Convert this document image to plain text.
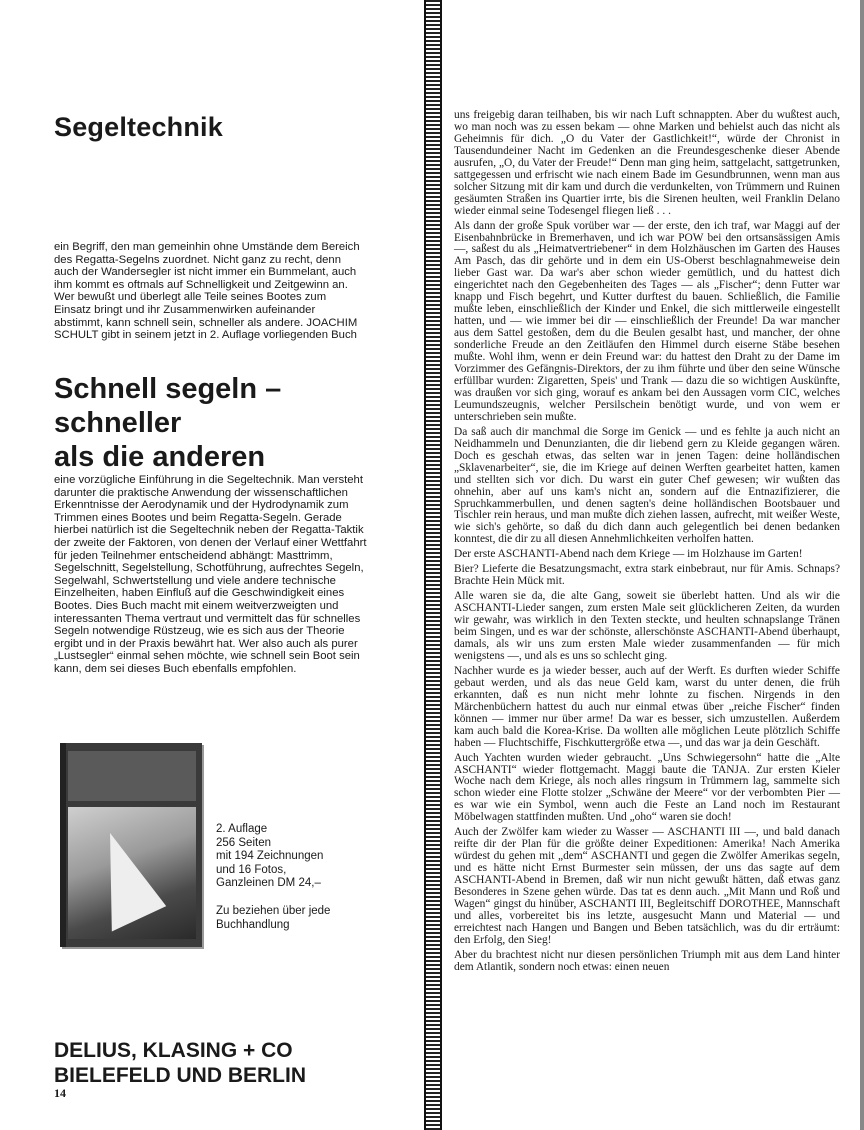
Segeltechnik
ein Begriff, den man gemeinhin ohne Umstände dem Bereich des Regatta-Segelns zuordnet. Nicht ganz zu recht, denn auch der Wandersegler ist nicht immer ein Bummelant, auch ihm kommt es oftmals auf Schnelligkeit und Zeitgewinn an. Wer bewußt und überlegt alle Teile seines Bootes zum Einsatz bringt und ihr Zusammenwirken aufeinander abstimmt, kann schnell sein, schneller als andere. JOACHIM SCHULT gibt in seinem jetzt in 2. Auflage vorliegenden Buch
Schnell segeln –
schneller
als die anderen
eine vorzügliche Einführung in die Segeltechnik. Man versteht darunter die praktische Anwendung der wissenschaftlichen Erkenntnisse der Aerodynamik und der Hydrodynamik zum Trimmen eines Bootes und beim Regatta-Segeln. Gerade hierbei natürlich ist die Segeltechnik neben der Regatta-Taktik der zweite der Faktoren, von denen der Verlauf einer Wettfahrt für jeden Teilnehmer entscheidend abhängt: Masttrimm, Segelschnitt, Segelstellung, Schotführung, aufrechtes Segeln, Segelwahl, Schwertstellung und viele andere technische Einzelheiten, haben Einfluß auf die Geschwindigkeit eines Bootes. Dies Buch macht mit einem weitverzweigten und interessanten Thema vertraut und vermittelt das für schnelles Segeln notwendige Rüstzeug, wie es sich aus der Theorie ergibt und in der Praxis bewährt hat. Wer also auch als purer „Lustsegler“ einmal sehen möchte, wie schnell sein Boot sein kann, dem sei dieses Buch ebenfalls empfohlen.
2. Auflage
256 Seiten
mit 194 Zeichnungen
und 16 Fotos,
Ganzleinen DM 24,–
Zu beziehen über jede
Buchhandlung
DELIUS, KLASING + CO
BIELEFELD UND BERLIN
14

uns freigebig daran teilhaben, bis wir nach Luft schnappten. Aber du wußtest auch, wo man noch was zu essen bekam — ohne Marken und behielst auch das nicht als Geheimnis für dich. „O du Vater der Gastlichkeit!“, würde der Chronist in Tausendundeiner Nacht im Gedenken an die Freundesgeschenke dieser Abende ausrufen, „O, du Vater der Freude!“ Denn man ging heim, sattgelacht, sattgetrunken, sattgegessen und erfrischt wie nach einem Bade im Gesundbrunnen, wenn man aus solcher Sitzung mit dir kam und durch die verdunkelten, von Trümmern und Ruinen gesäumten Straßen ins Quartier irrte, bis die Sirenen heulten, weil Franklin Delano wieder einmal seine Todesengel fliegen ließ . . .

Als dann der große Spuk vorüber war — der erste, den ich traf, war Maggi auf der Eisenbahnbrücke in Bremerhaven, und ich war POW bei den ortsansässigen Amis —, saßest du als „Heimatvertriebener“ in dem Holzhäuschen im Garten des Hauses Am Pasch, das dir gehörte und in dem ein US-Oberst beschlagnahmeweise dein lieber Gast war. Da war's aber schon wieder gemütlich, und du hattest dich eingerichtet nach den Gegebenheiten des Tages — als „Fischer“; denn Futter war knapp und Fisch begehrt, und Kutter durftest du bauen. Schließlich, die Familie mußte leben, einschließlich der Kinder und Enkel, die sich mittlerweile eingestellt hatten, und — wie immer bei dir — einschließlich der Freunde! Da war mancher aus dem Sattel gestoßen, dem du die Beulen gesalbt hast, und mancher, der ohne sonderliche Freude an den Zeitläufen den Himmel durch eiserne Stäbe besehen mußte. Wohl ihm, wenn er dein Freund war: du hattest den Draht zu der Dame im Vorzimmer des Gefängnis-Direktors, der zu ihm führte und über den seine Wünsche erfüllbar wurden: Zigaretten, Speis' und Trank — dazu die so wichtigen Auskünfte, was draußen vor sich ging, worauf es ankam bei den Aussagen vorm CIC, welches Leumundszeugnis, welcher Persilschein benötigt wurde, und von wem er unterschrieben sein mußte.

Da saß auch dir manchmal die Sorge im Genick — und es fehlte ja auch nicht an Neidhammeln und Denunzianten, die dir liebend gern zu Kleide gegangen wären. Doch es geschah etwas, das selten war in jenen Tagen: deine holländischen „Sklavenarbeiter“, sie, die im Kriege auf deinen Werften gearbeitet hatten, kamen und stellten sich vor dich. Du warst ein guter Chef gewesen; wir wußten das ohnehin, aber auf uns kam's nicht an, sondern auf die Entnazifizierer, die Spruchkammerbullen, und denen sagten's deine holländischen Bootsbauer und Tischler rein heraus, und man mußte dich ziehen lassen, aufrecht, mit weißer Weste, wie sich's gehörte, so daß du dich dann auch gelegentlich bei denen bedanken konntest, die dir zu all diesen Annehmlichkeiten verholfen hatten.

Der erste ASCHANTI-Abend nach dem Kriege — im Holzhause im Garten!

Bier? Lieferte die Besatzungsmacht, extra stark einbebraut, nur für Amis. Schnaps? Brachte Hein Mück mit.

Alle waren sie da, die alte Gang, soweit sie überlebt hatten. Und als wir die ASCHANTI-Lieder sangen, zum ersten Male seit glücklicheren Zeiten, da wurden wir gewahr, was wirklich in den Texten steckte, und heulten schnapslange Tränen beim Singen, und es war der schönste, allerschönste ASCHANTI-Abend überhaupt, damals, als wir uns zum ersten Male wieder zusammenfanden — für mich wenigstens —, und als es uns so schlecht ging.

Nachher wurde es ja wieder besser, auch auf der Werft. Es durften wieder Schiffe gebaut werden, und als das neue Geld kam, warst du unter denen, die früh erkannten, daß es nun nicht mehr lohnte zu fischen. Nirgends in den Märchenbüchern hattest du auch nur einmal etwas über „reiche Fischer“ finden können — immer nur über arme! Da war es besser, sich umzustellen. Außerdem kam auch bald die Korea-Krise. Da wollten alle möglichen Leute plötzlich Schiffe haben — Fluchtschiffe, Fischkuttergröße etwa —, und das war ja dein Geschäft.

Auch Yachten wurden wieder gebraucht. „Uns Schwiegersohn“ hatte die „Alte ASCHANTI“ wieder flottgemacht. Maggi baute die TANJA. Zur ersten Kieler Woche nach dem Kriege, als noch alles ringsum in Trümmern lag, sammelte sich schon wieder eine Flotte stolzer „Schwäne der Meere“ vor der verbombten Pier — es war wie ein Symbol, wenn auch die Feste an Land noch im Restaurant Möbelwagen stattfinden mußten. Und „oho“ waren sie doch!

Auch der Zwölfer kam wieder zu Wasser — ASCHANTI III —, und bald danach reifte dir der Plan für die größte deiner Expeditionen: Amerika! Nach Amerika würdest du gehen mit „dem“ ASCHANTI und gegen die Zwölfer Amerikas segeln, und es hätte nicht Ernst Burmester sein müssen, der uns das sagte auf dem ASCHANTI-Abend in Bremen, daß wir nun nicht gewußt hätten, daß etwas ganz Besonderes in Szene gehen würde. Das tat es denn auch. „Mit Mann und Roß und Wagen“ gingst du hinüber, ASCHANTI III, Begleitschiff DOROTHEE, Mannschaft und alles, vorbereitet bis ins letzte, ausgesucht Mann und Material — und erreichtest nach Hangen und Bangen und Beben tatsächlich, was du dir erträumt: den Erfolg, den Sieg!

Aber du brachtest nicht nur diesen persönlichen Triumph mit aus dem Land hinter dem Atlantik, sondern noch etwas: einen neuen
